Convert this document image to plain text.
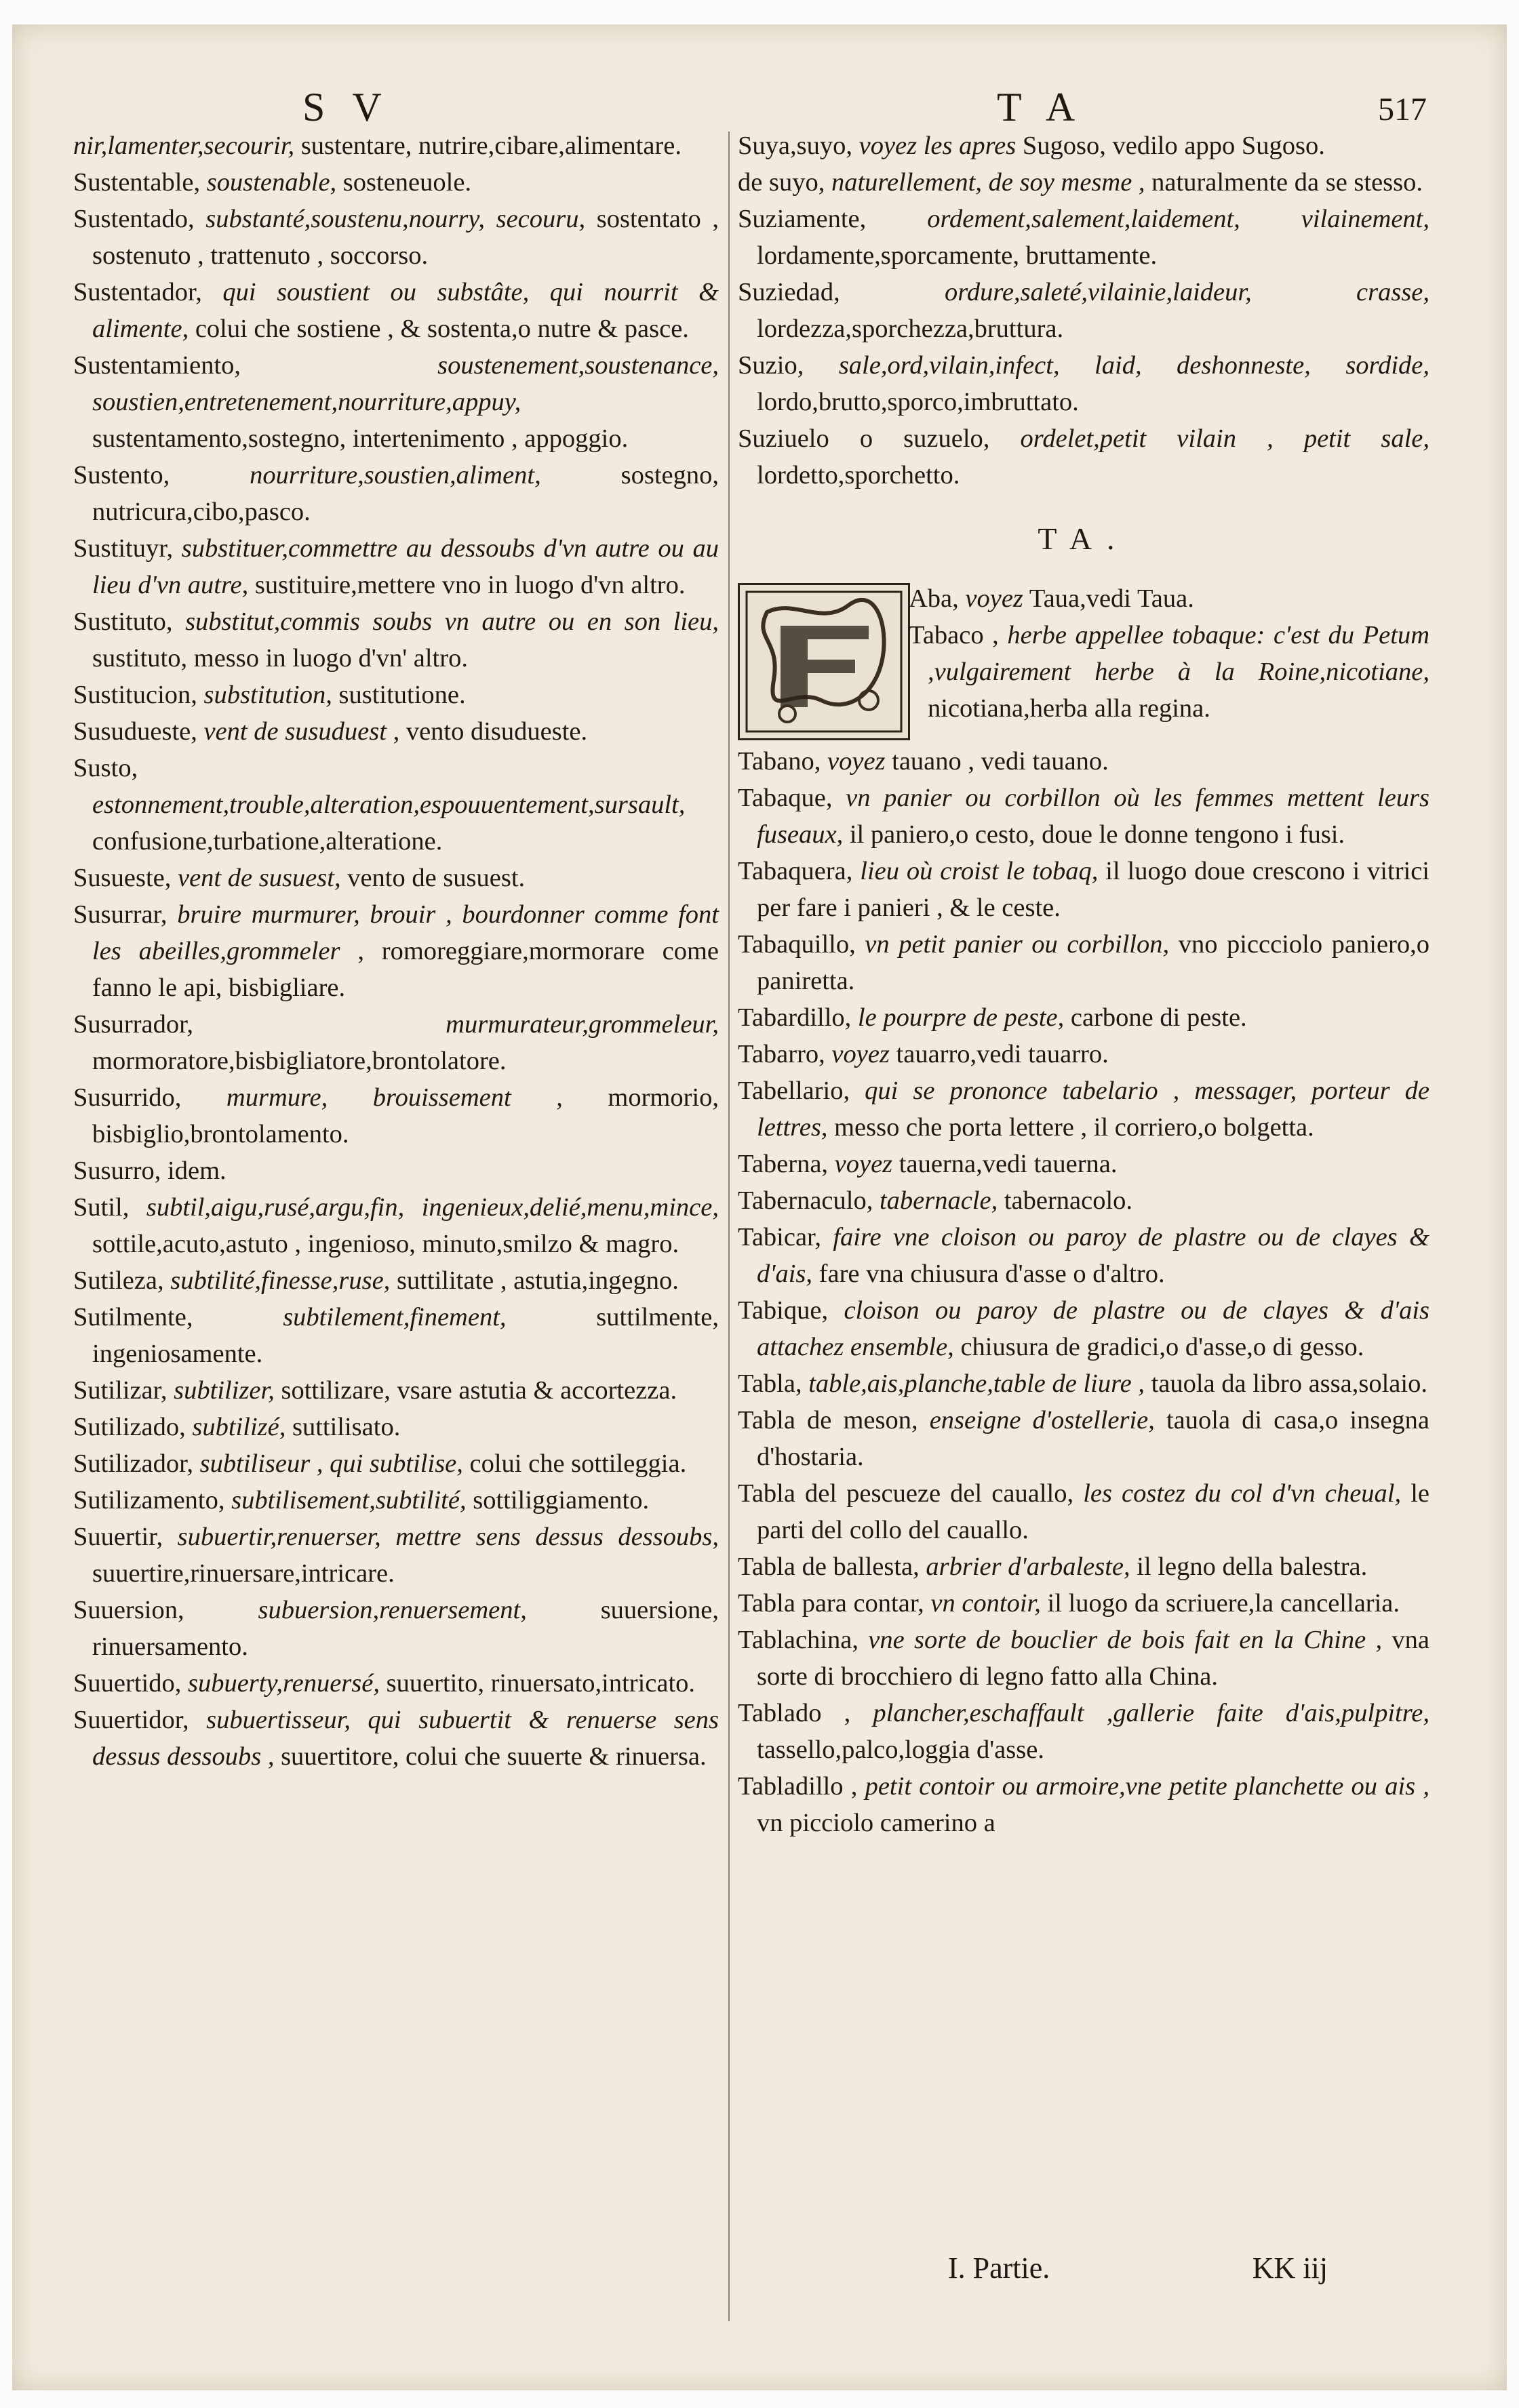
SV	TA	517

nir,lamenter,secourir, sustentare, nutrire,cibare,alimentare.

Sustentable, soustenable, sosteneuole.

Sustentado, substanté,soustenu,nourry, secouru, sostentato , sostenuto , trattenuto , soccorso.

Sustentador, qui soustient ou substâte, qui nourrit & alimente, colui che sostiene , & sostenta,o nutre & pasce.

Sustentamiento,	soustenement,soustenance, soustien,entretenement,nourriture,appuy, sustentamento,sostegno, intertenimento , appoggio.

Sustento,	nourriture,soustien,aliment,	sostegno, nutricura,cibo,pasco.

Sustituyr, substituer,commettre au dessoubs d'vn autre ou au lieu d'vn autre, sustituire,mettere vno in luogo d'vn altro.

Sustituto, substitut,commis soubs vn autre ou en son lieu, sustituto, messo in luogo d'vn' altro.

Sustitucion, substitution, sustitutione.

Susudueste, vent de susuduest , vento disudueste.

Susto, estonnement,trouble,alteration,espouuentement,sursault, confusione,turbatione,alteratione.

Susueste, vent de susuest, vento de susuest.

Susurrar, bruire murmurer, brouir , bourdonner comme font les abeilles,grommeler , romoreggiare,mormorare come fanno le api, bisbigliare.

Susurrador,	murmurateur,grommeleur, mormoratore,bisbigliatore,brontolatore.

Susurrido, murmure, brouissement , mormorio, bisbiglio,brontolamento.

Susurro, idem.

Sutil, subtil,aigu,rusé,argu,fin, ingenieux,delié,menu,mince, sottile,acuto,astuto , ingenioso, minuto,smilzo & magro.

Sutileza, subtilité,finesse,ruse, suttilitate , astutia,ingegno.

Sutilmente,	subtilement,finement,	suttilmente, ingeniosamente.

Sutilizar, subtilizer, sottilizare, vsare astutia & accortezza.

Sutilizado, subtilizé, suttilisato.

Sutilizador, subtiliseur , qui subtilise, colui che sottileggia.

Sutilizamento, subtilisement,subtilité, sottiliggiamento.

Suuertir, subuertir,renuerser, mettre sens dessus dessoubs, suuertire,rinuersare,intricare.

Suuersion,	subuersion,renuersement,	suuersione, rinuersamento.

Suuertido, subuerty,renuersé, suuertito, rinuersato,intricato.

Suuertidor, subuertisseur, qui subuertit & renuerse sens dessus dessoubs , suuertitore, colui che suuerte & rinuersa.

Suya,suyo, voyez les apres Sugoso, vedilo appo Sugoso.

de suyo, naturellement, de soy mesme , naturalmente da se stesso.

Suziamente, ordement,salement,laidement, vilainement, lordamente,sporcamente, bruttamente.

Suziedad,	ordure,saleté,vilainie,laideur, crasse, lordezza,sporchezza,bruttura.

Suzio, sale,ord,vilain,infect, laid, deshonneste, sordide, lordo,brutto,sporco,imbruttato.

Suziuelo o suzuelo, ordelet,petit vilain , petit sale, lordetto,sporchetto.

TA.

Aba, voyez Taua,vedi Taua.

Tabaco , herbe appellee tobaque: c'est du Petum ,vulgairement herbe à la Roine,nicotiane, nicotiana,herba alla regina.

Tabano, voyez tauano , vedi tauano.

Tabaque, vn panier ou corbillon où les femmes mettent leurs fuseaux, il paniero,o cesto, doue le donne tengono i fusi.

Tabaquera, lieu où croist le tobaq, il luogo doue crescono i vitrici per fare i panieri , & le ceste.

Tabaquillo, vn petit panier ou corbillon, vno piccciolo paniero,o paniretta.

Tabardillo, le pourpre de peste, carbone di peste.

Tabarro, voyez tauarro,vedi tauarro.

Tabellario, qui se prononce tabelario , messager, porteur de lettres, messo che porta lettere , il corriero,o bolgetta.

Taberna, voyez tauerna,vedi tauerna.

Tabernaculo, tabernacle, tabernacolo.

Tabicar, faire vne cloison ou paroy de plastre ou de clayes & d'ais, fare vna chiusura d'asse o d'altro.

Tabique, cloison ou paroy de plastre ou de clayes & d'ais attachez ensemble, chiusura de gradici,o d'asse,o di gesso.

Tabla, table,ais,planche,table de liure , tauola da libro assa,solaio.

Tabla de meson, enseigne d'ostellerie, tauola di casa,o insegna d'hostaria.

Tabla del pescueze del cauallo, les costez du col d'vn cheual, le parti del collo del cauallo.

Tabla de ballesta, arbrier d'arbaleste, il legno della balestra.

Tabla para contar, vn contoir, il luogo da scriuere,la cancellaria.

Tablachina, vne sorte de bouclier de bois fait en la Chine , vna sorte di brocchiero di legno fatto alla China.

Tablado , plancher,eschaffault ,gallerie faite d'ais,pulpitre, tassello,palco,loggia d'asse.

Tabladillo , petit contoir ou armoire,vne petite planchette ou ais , vn picciolo camerino a

I. Partie.	KK iij
